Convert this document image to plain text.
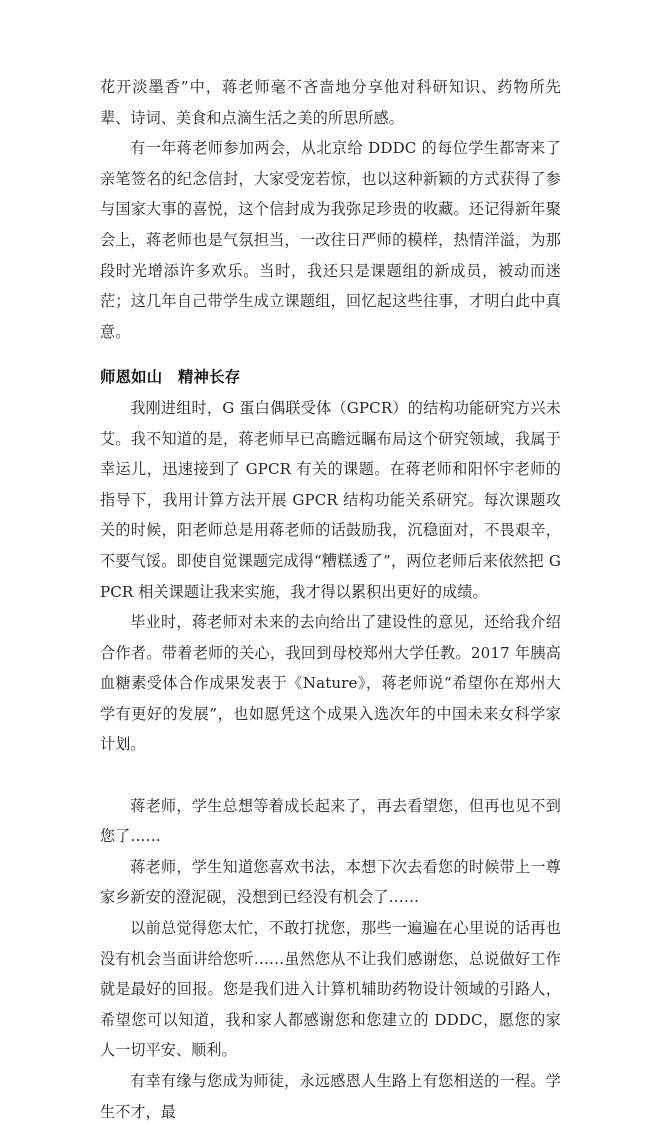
花开淡墨香”中，蒋老师毫不吝啬地分享他对科研知识、药物所先辈、诗词、美食和点滴生活之美的所思所感。

有一年蒋老师参加两会，从北京给 DDDC 的每位学生都寄来了亲笔签名的纪念信封，大家受宠若惊，也以这种新颖的方式获得了参与国家大事的喜悦，这个信封成为我弥足珍贵的收藏。还记得新年聚会上，蒋老师也是气氛担当，一改往日严师的模样，热情洋溢，为那段时光增添许多欢乐。当时，我还只是课题组的新成员，被动而迷茫；这几年自己带学生成立课题组，回忆起这些往事，才明白此中真意。

师恩如山　精神长存

我刚进组时，G 蛋白偶联受体（GPCR）的结构功能研究方兴未艾。我不知道的是，蒋老师早已高瞻远瞩布局这个研究领域，我属于幸运儿，迅速接到了 GPCR 有关的课题。在蒋老师和阳怀宇老师的指导下，我用计算方法开展 GPCR 结构功能关系研究。每次课题攻关的时候，阳老师总是用蒋老师的话鼓励我，沉稳面对，不畏艰辛，不要气馁。即使自觉课题完成得“糟糕透了”，两位老师后来依然把 GPCR 相关课题让我来实施，我才得以累积出更好的成绩。

毕业时，蒋老师对未来的去向给出了建设性的意见，还给我介绍合作者。带着老师的关心，我回到母校郑州大学任教。2017 年胰高血糖素受体合作成果发表于《Nature》，蒋老师说“希望你在郑州大学有更好的发展”，也如愿凭这个成果入选次年的中国未来女科学家计划。

蒋老师，学生总想等着成长起来了，再去看望您，但再也见不到您了……

蒋老师，学生知道您喜欢书法，本想下次去看您的时候带上一尊家乡新安的澄泥砚，没想到已经没有机会了……

以前总觉得您太忙，不敢打扰您，那些一遍遍在心里说的话再也没有机会当面讲给您听……虽然您从不让我们感谢您，总说做好工作就是最好的回报。您是我们进入计算机辅助药物设计领域的引路人，希望您可以知道，我和家人都感谢您和您建立的 DDDC，愿您的家人一切平安、顺利。

有幸有缘与您成为师徒，永远感恩人生路上有您相送的一程。学生不才，最
